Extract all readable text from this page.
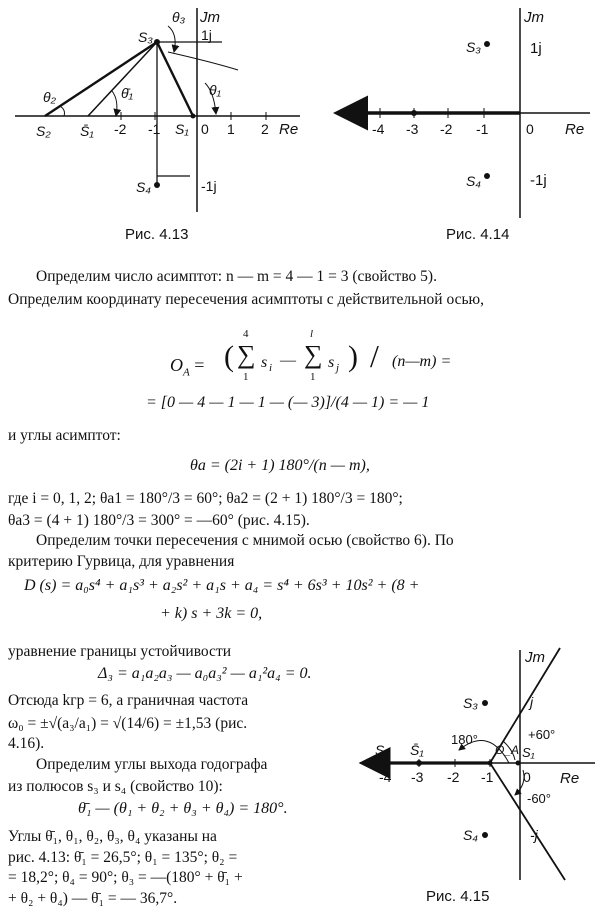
Jm
1j
-1j
Re
-2 -1	0 1 2
S₂ S̄₁	S₁
S₃
S₄
θ₃
θ₂	θ̄₁	θ₁
Рис. 4.13
Jm
1j
-1j
Re
-4 -3 -2 -1	0
S₃
S₄
Рис. 4.14
Определим число асимптот: n — m = 4 — 1 = 3 (свойство 5).
Определим координату пересечения асимптоты с действительной осью,
$O_A$ = (
4
∑
1
s i —
l
∑
1
s j ) / (n—m) =
= [0 — 4 — 1 — 1 — (— 3)]/(4 — 1) = — 1
и углы асимптот:
θa = (2i + 1) 180°/(n — m),
где i = 0, 1, 2; θa1 = 180°/3 = 60°; θa2 = (2 + 1) 180°/3 = 180°;
θa3 = (4 + 1) 180°/3 = 300° = —60° (рис. 4.15).
Определим точки пересечения с мнимой осью (свойство 6). По
критерию Гурвица, для уравнения
D (s) = a₀s⁴ + a₁s³ + a₂s² + a₁s + a₄ = s⁴ + 6s³ + 10s² + (8 +
+ k) s + 3k = 0,
уравнение границы устойчивости
Δ₃ = a₁a₂a₃ — a₀a₃² — a₁²a₄ = 0.
Отсюда kгр = 6, а граничная частота
ω₀ = ±√(a₃/a₁) = √(14/6) = ±1,53 (рис.
4.16).
Определим углы выхода годографа
из полюсов s₃ и s₄ (свойство 10):
θ̄₁ — (θ₁ + θ₂ + θ₃ + θ₄) = 180°.
Углы θ̄₁, θ₁, θ₂, θ₃, θ₄ указаны на
рис. 4.13: θ̄₁ = 26,5°; θ₁ = 135°; θ₂ =
= 18,2°; θ₄ = 90°; θ₃ = —(180° + θ̄₁ +
+ θ₂ + θ₄) — θ̄₁ = — 36,7°.
Jm
j
-j
Re
-4 -3 -2 -1 0
S₂ S̄₁	S₁
S₃
S₄
O_A
180°	+60°
-60°
Рис. 4.15
